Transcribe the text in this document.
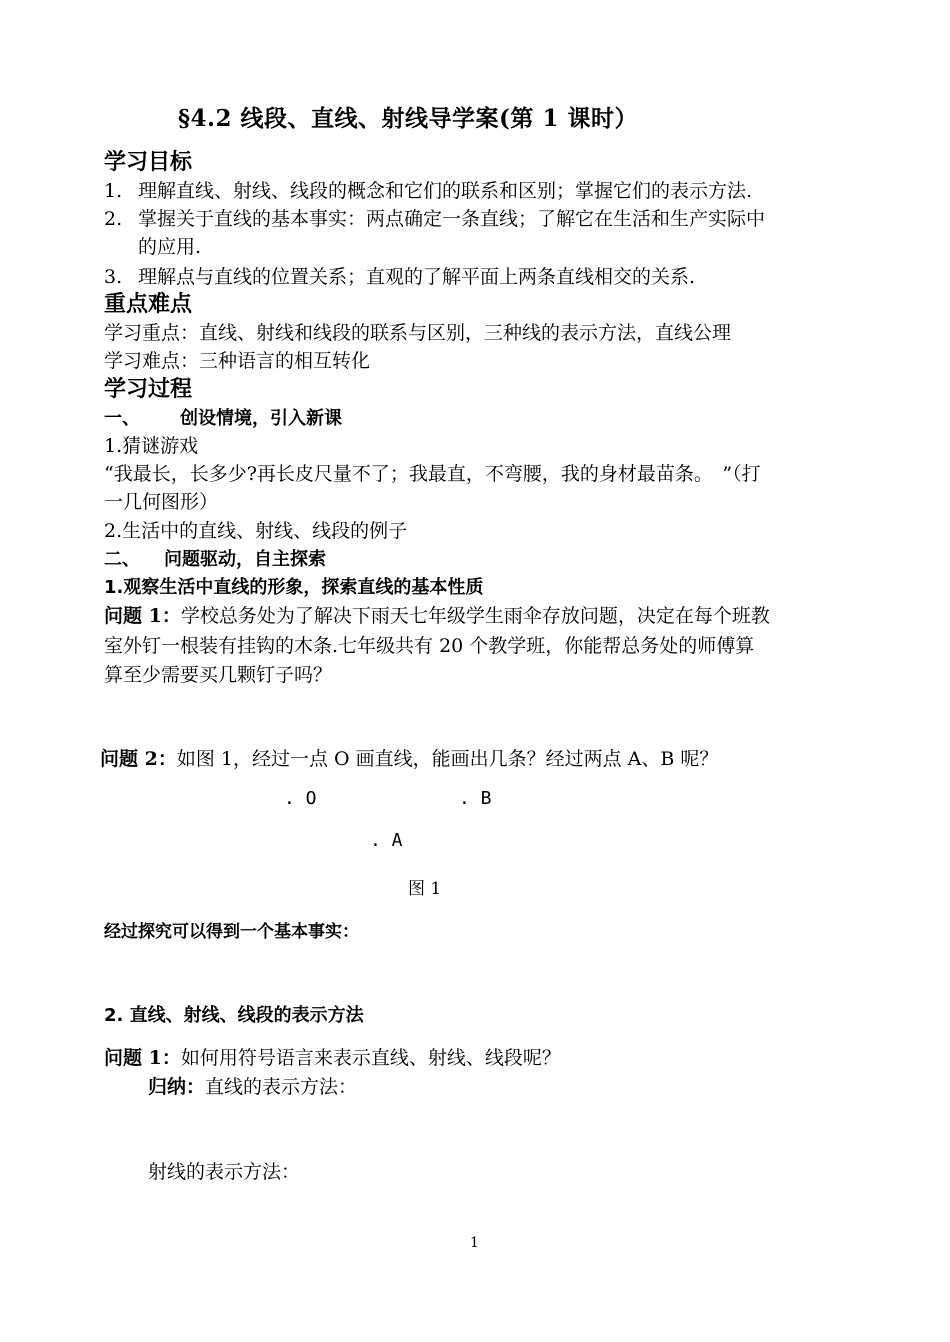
§4.2 线段、直线、射线导学案(第 1 课时）
学习目标
1. 理解直线、射线、线段的概念和它们的联系和区别；掌握它们的表示方法.
2. 掌握关于直线的基本事实：两点确定一条直线；了解它在生活和生产实际中
的应用.
3. 理解点与直线的位置关系；直观的了解平面上两条直线相交的关系.
重点难点
学习重点：直线、射线和线段的联系与区别，三种线的表示方法，直线公理
学习难点：三种语言的相互转化
学习过程
一、 创设情境，引入新课
1.猜谜游戏
“我最长，长多少?再长皮尺量不了；我最直，不弯腰，我的身材最苗条。　”（打
一几何图形）
2.生活中的直线、射线、线段的例子
二、 问题驱动，自主探索
1.观察生活中直线的形象，探索直线的基本性质
问题 1：学校总务处为了解决下雨天七年级学生雨伞存放问题，决定在每个班教
室外钉一根装有挂钩的木条.七年级共有 20 个教学班，你能帮总务处的师傅算
算至少需要买几颗钉子吗？
问题 2：如图 1，经过一点 O 画直线，能画出几条？经过两点 A、B 呢？
. O	. B
. A
图 1
经过探究可以得到一个基本事实：
2. 直线、射线、线段的表示方法
问题 1：如何用符号语言来表示直线、射线、线段呢？
归纳：直线的表示方法：
射线的表示方法：
1
